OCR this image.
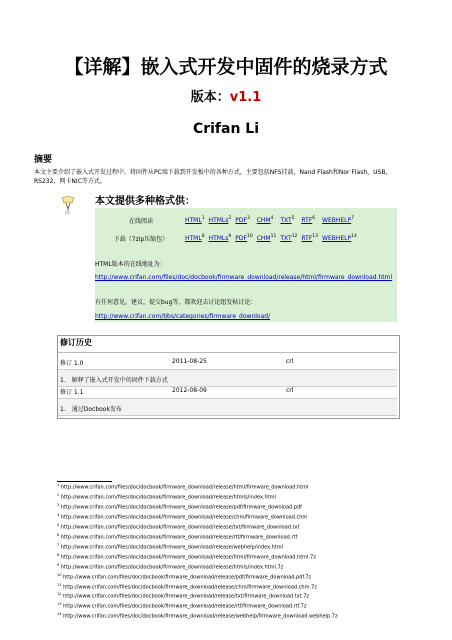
【详解】嵌入式开发中固件的烧录方式
版本：v1.1
Crifan Li
摘要
本文主要介绍了嵌入式开发过程中，将固件从PC端下载到开发板中的各种方式，主要包括NFS挂载，Nand Flash和Nor Flash，USB，RS232，网卡NIC等方式。
注
本文提供多种格式供：
在线阅读	HTML$^1$	HTMLs$^2$	PDF$^3$	CHM$^4$	TXT$^5$	RTF$^6$	WEBHELP$^7$
下载（7zip压缩包）	HTML$^8$	HTMLs$^9$	PDF$^{10}$	CHM$^{11}$	TXT$^{12}$	RTF$^{13}$	WEBHELP$^{14}$
HTML版本的在线地址为：
http://www.crifan.com/files/doc/docbook/firmware_download/release/html/firmware_download.html
有任何意见，建议，提交bug等，都欢迎去讨论组发帖讨论：
http://www.crifan.com/bbs/categories/firmware_download/
修订历史
修订 1.0	2011-08-25	crl
1.　解释了嵌入式开发中的固件下载方式
修订 1.1	2012-08-09	crl
1.　通过Docbook发布
$^1$ http://www.crifan.com/files/doc/docbook/firmware_download/release/html/firmware_download.html
$^2$ http://www.crifan.com/files/doc/docbook/firmware_download/release/htmls/index.html
$^3$ http://www.crifan.com/files/doc/docbook/firmware_download/release/pdf/firmware_download.pdf
$^4$ http://www.crifan.com/files/doc/docbook/firmware_download/release/chm/firmware_download.chm
$^5$ http://www.crifan.com/files/doc/docbook/firmware_download/release/txt/firmware_download.txt
$^6$ http://www.crifan.com/files/doc/docbook/firmware_download/release/rtf/firmware_download.rtf
$^7$ http://www.crifan.com/files/doc/docbook/firmware_download/release/webhelp/index.html
$^8$ http://www.crifan.com/files/doc/docbook/firmware_download/release/html/firmware_download.html.7z
$^9$ http://www.crifan.com/files/doc/docbook/firmware_download/release/htmls/index.html.7z
$^{10}$ http://www.crifan.com/files/doc/docbook/firmware_download/release/pdf/firmware_download.pdf.7z
$^{11}$ http://www.crifan.com/files/doc/docbook/firmware_download/release/chm/firmware_download.chm.7z
$^{12}$ http://www.crifan.com/files/doc/docbook/firmware_download/release/txt/firmware_download.txt.7z
$^{13}$ http://www.crifan.com/files/doc/docbook/firmware_download/release/rtf/firmware_download.rtf.7z
$^{14}$ http://www.crifan.com/files/doc/docbook/firmware_download/release/webhelp/firmware_download.webhelp.7z
